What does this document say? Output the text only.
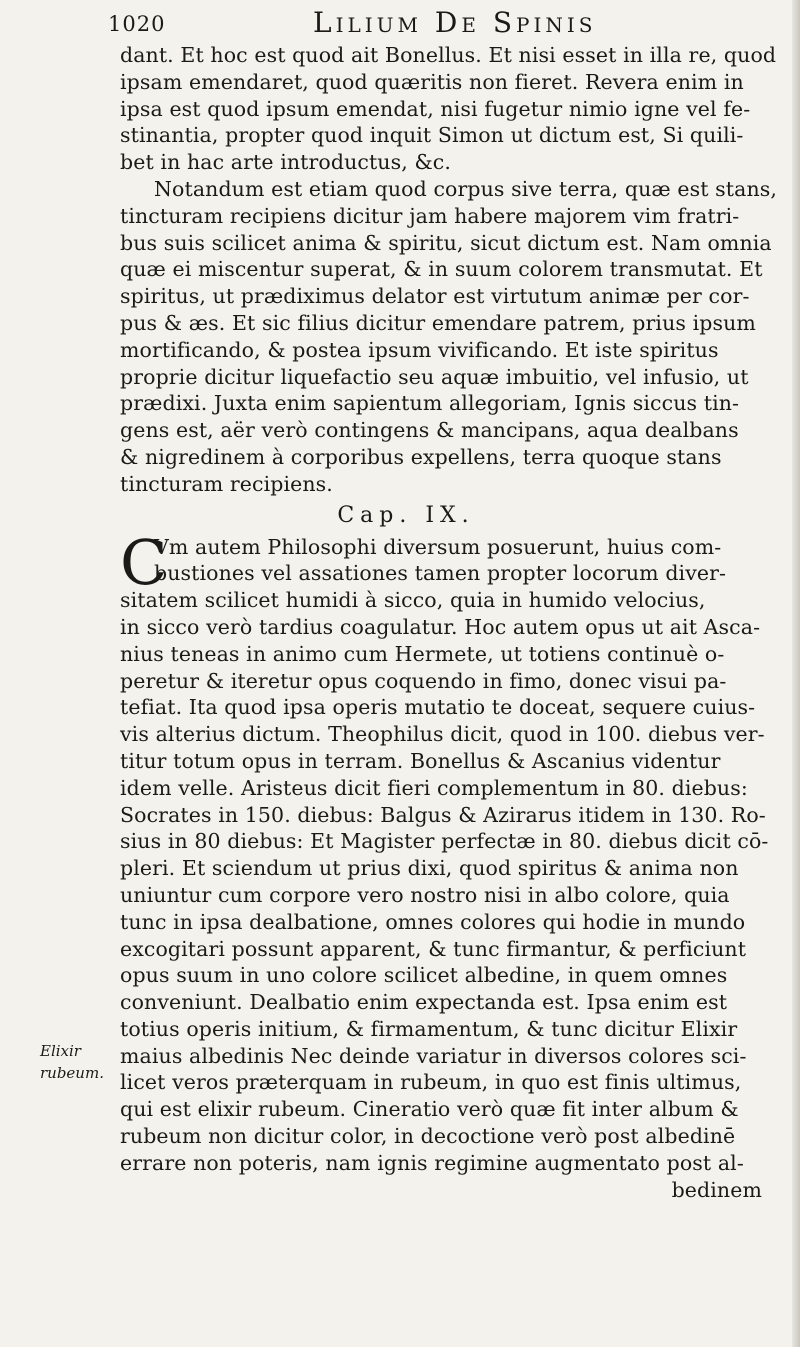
1020	Lilium De Spinis
dant. Et hoc est quod ait Bonellus. Et nisi esset in illa re, quod
ipsam emendaret, quod quæritis non fieret. Revera enim in
ipsa est quod ipsum emendat, nisi fugetur nimio igne vel fe-
stinantia, propter quod inquit Simon ut dictum est, Si quili-
bet in hac arte introductus, &c.
Notandum est etiam quod corpus sive terra, quæ est stans,
tincturam recipiens dicitur jam habere majorem vim fratri-
bus suis scilicet anima & spiritu, sicut dictum est. Nam omnia
quæ ei miscentur superat, & in suum colorem transmutat. Et
spiritus, ut prædiximus delator est virtutum animæ per cor-
pus & æs. Et sic filius dicitur emendare patrem, prius ipsum
mortificando, & postea ipsum vivificando. Et iste spiritus
proprie dicitur liquefactio seu aquæ imbuitio, vel infusio, ut
prædixi. Juxta enim sapientum allegoriam, Ignis siccus tin-
gens est, aër verò contingens & mancipans, aqua dealbans
& nigredinem à corporibus expellens, terra quoque stans
tincturam recipiens.
Cap. IX.
C
Vm autem Philosophi diversum posuerunt, huius com-
bustiones vel assationes tamen propter locorum diver-
sitatem scilicet humidi à sicco, quia in humido velocius,
in sicco verò tardius coagulatur. Hoc autem opus ut ait Asca-
nius teneas in animo cum Hermete, ut totiens continuè o-
peretur & iteretur opus coquendo in fimo, donec visui pa-
tefiat. Ita quod ipsa operis mutatio te doceat, sequere cuius-
vis alterius dictum. Theophilus dicit, quod in 100. diebus ver-
titur totum opus in terram. Bonellus & Ascanius videntur
idem velle. Aristeus dicit fieri complementum in 80. diebus:
Socrates in 150. diebus: Balgus & Azirarus itidem in 130. Ro-
sius in 80 diebus: Et Magister perfectæ in 80. diebus dicit cō-
pleri. Et sciendum ut prius dixi, quod spiritus & anima non
uniuntur cum corpore vero nostro nisi in albo colore, quia
tunc in ipsa dealbatione, omnes colores qui hodie in mundo
excogitari possunt apparent, & tunc firmantur, & perficiunt
opus suum in uno colore scilicet albedine, in quem omnes
conveniunt. Dealbatio enim expectanda est. Ipsa enim est
totius operis initium, & firmamentum, & tunc dicitur Elixir
maius albedinis Nec deinde variatur in diversos colores sci-
licet veros præterquam in rubeum, in quo est finis ultimus,
qui est elixir rubeum. Cineratio verò quæ fit inter album &
rubeum non dicitur color, in decoctione verò post albedinē
errare non poteris, nam ignis regimine augmentato post al-
bedinem
Elixir
rubeum.
